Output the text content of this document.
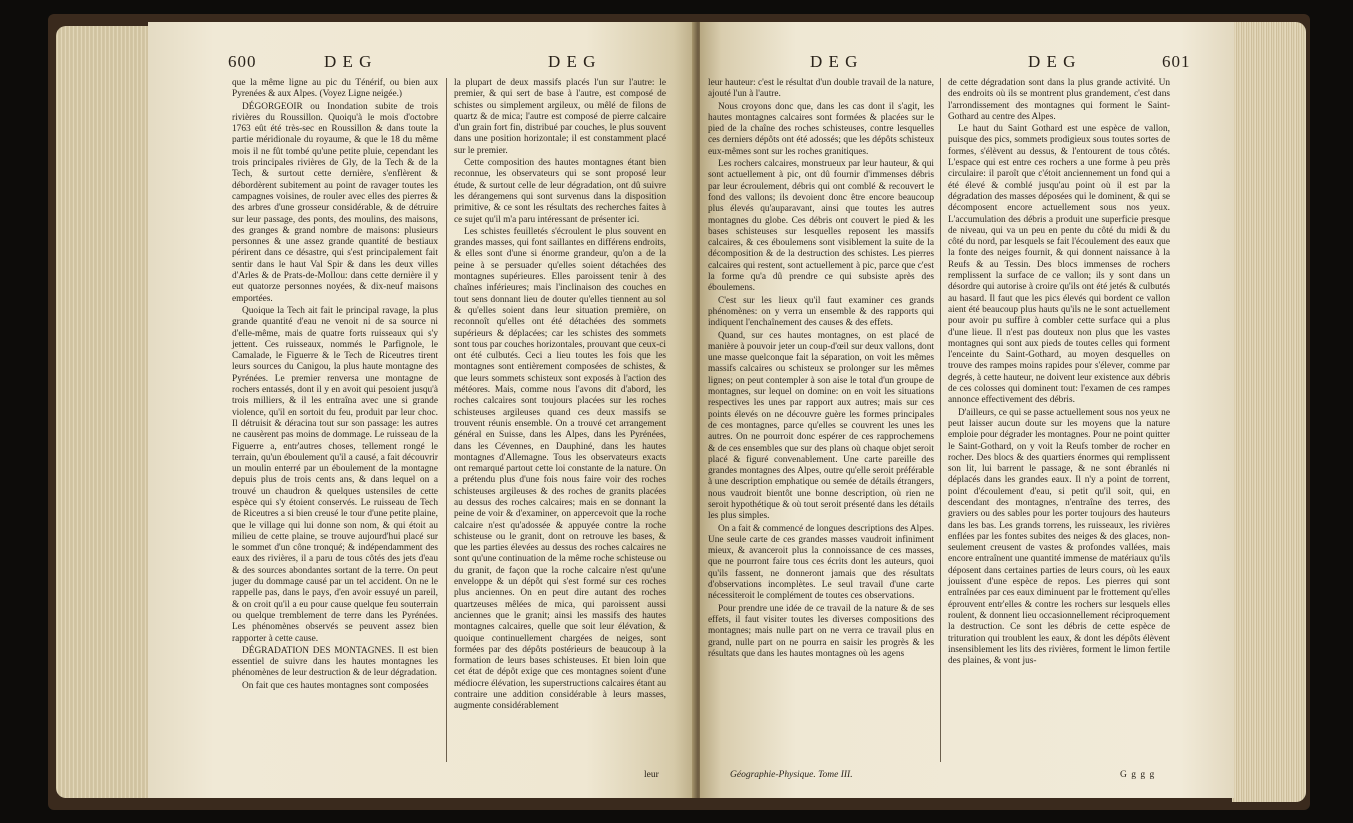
600	D E G	D E G

que la même ligne au pic du Ténérif, ou bien aux Pyrenées & aux Alpes. (Voyez Ligne neigée.)

DÉGORGEOIR ou Inondation subite de trois rivières du Roussillon. Quoiqu'à le mois d'octobre 1763 eût été très-sec en Roussillon & dans toute la partie méridionale du royaume, & que le 18 du même mois il ne fût tombé qu'une petite pluie, cependant les trois principales rivières de Gly, de la Tech & de la Tech, & surtout cette dernière, s'enflèrent & débordèrent subitement au point de ravager toutes les campagnes voisines, de rouler avec elles des pierres & des arbres d'une grosseur considérable, & de détruire sur leur passage, des ponts, des moulins, des maisons, des granges & grand nombre de maisons: plusieurs personnes & une assez grande quantité de bestiaux périrent dans ce désastre, qui s'est principalement fait sentir dans le haut Val Spir & dans les deux villes d'Arles & de Prats-de-Mollou: dans cette dernière il y eut quatorze personnes noyées, & dix-neuf maisons emportées.

Quoique la Tech ait fait le principal ravage, la plus grande quantité d'eau ne venoit ni de sa source ni d'elle-même, mais de quatre forts ruisseaux qui s'y jettent. Ces ruisseaux, nommés le Parfignole, le Camalade, le Figuerre & le Tech de Riceutres tirent leurs sources du Canigou, la plus haute montagne des Pyrénées. Le premier renversa une montagne de rochers entassés, dont il y en avoit qui pesoient jusqu'à trois milliers, & il les entraîna avec une si grande violence, qu'il en sortoit du feu, produit par leur choc. Il détruisit & déracina tout sur son passage: les autres ne causèrent pas moins de dommage. Le ruisseau de la Figuerre a, entr'autres choses, tellement rongé le terrain, qu'un éboulement qu'il a causé, a fait découvrir un moulin enterré par un éboulement de la montagne depuis plus de trois cents ans, & dans lequel on a trouvé un chaudron & quelques ustensiles de cette espèce qui s'y étoient conservés. Le ruisseau de Tech de Riceutres a si bien creusé le tour d'une petite plaine, que le village qui lui donne son nom, & qui étoit au milieu de cette plaine, se trouve aujourd'hui placé sur le sommet d'un cône tronqué; & indépendamment des eaux des rivières, il a paru de tous côtés des jets d'eau & des sources abondantes sortant de la terre. On peut juger du dommage causé par un tel accident. On ne le rappelle pas, dans le pays, d'en avoir essuyé un pareil, & on croit qu'il a eu pour cause quelque feu souterrain ou quelque tremblement de terre dans les Pyrénées. Les phénomènes observés se peuvent assez bien rapporter à cette cause.

DÉGRADATION DES MONTAGNES. Il est bien essentiel de suivre dans les hautes montagnes les phénomènes de leur destruction & de leur dégradation.

On fait que ces hautes montagnes sont composées

la plupart de deux massifs placés l'un sur l'autre: le premier, & qui sert de base à l'autre, est composé de schistes ou simplement argileux, ou mêlé de filons de quartz & de mica; l'autre est composé de pierre calcaire d'un grain fort fin, distribué par couches, le plus souvent dans une position horizontale; il est constamment placé sur le premier.

Cette composition des hautes montagnes étant bien reconnue, les observateurs qui se sont proposé leur étude, & surtout celle de leur dégradation, ont dû suivre les dérangemens qui sont survenus dans la disposition primitive, & ce sont les résultats des recherches faites à ce sujet qu'il m'a paru intéressant de présenter ici.

Les schistes feuilletés s'écroulent le plus souvent en grandes masses, qui font saillantes en différens endroits, & elles sont d'une si énorme grandeur, qu'on a de la peine à se persuader qu'elles soient détachées des montagnes supérieures. Elles paroissent tenir à des chaînes inférieures; mais l'inclinaison des couches en tout sens donnant lieu de douter qu'elles tiennent au sol & qu'elles soient dans leur situation première, on reconnoît qu'elles ont été détachées des sommets supérieurs & déplacées; car les schistes des sommets sont tous par couches horizontales, prouvant que ceux-ci ont été culbutés. Ceci a lieu toutes les fois que les montagnes sont entièrement composées de schistes, & que leurs sommets schisteux sont exposés à l'action des météores. Mais, comme nous l'avons dit d'abord, les roches calcaires sont toujours placées sur les roches schisteuses argileuses quand ces deux massifs se trouvent réunis ensemble. On a trouvé cet arrangement général en Suisse, dans les Alpes, dans les Pyrénées, dans les Cévennes, en Dauphiné, dans les hautes montagnes d'Allemagne. Tous les observateurs exacts ont remarqué partout cette loi constante de la nature. On a prétendu plus d'une fois nous faire voir des roches schisteuses argileuses & des roches de granits placées au dessus des roches calcaires; mais en se donnant la peine de voir & d'examiner, on appercevoit que la roche calcaire n'est qu'adossée & appuyée contre la roche schisteuse ou le granit, dont on retrouve les bases, & que les parties élevées au dessus des roches calcaires ne sont qu'une continuation de la même roche schisteuse ou du granit, de façon que la roche calcaire n'est qu'une enveloppe & un dépôt qui s'est formé sur ces roches plus anciennes. On en peut dire autant des roches quartzeuses mêlées de mica, qui paroissent aussi anciennes que le granit; ainsi les massifs des hautes montagnes calcaires, quelle que soit leur élévation, & quoique continuellement chargées de neiges, sont formées par des dépôts postérieurs de beaucoup à la formation de leurs bases schisteuses. Et bien loin que cet état de dépôt exige que ces montagnes soient d'une médiocre élévation, les superstructions calcaires étant au contraire une addition considérable à leurs masses, augmente considérablement

leur
D E G	D E G	601

leur hauteur: c'est le résultat d'un double travail de la nature, ajouté l'un à l'autre.

Nous croyons donc que, dans les cas dont il s'agit, les hautes montagnes calcaires sont formées & placées sur le pied de la chaîne des roches schisteuses, contre lesquelles ces derniers dépôts ont été adossés; que les dépôts schisteux eux-mêmes sont sur les roches granitiques.

Les rochers calcaires, monstrueux par leur hauteur, & qui sont actuellement à pic, ont dû fournir d'immenses débris par leur écroulement, débris qui ont comblé & recouvert le fond des vallons; ils devoient donc être encore beaucoup plus élevés qu'auparavant, ainsi que toutes les autres montagnes du globe. Ces débris ont couvert le pied & les bases schisteuses sur lesquelles reposent les massifs calcaires, & ces éboulemens sont visiblement la suite de la décomposition & de la destruction des schistes. Les pierres calcaires qui restent, sont actuellement à pic, parce que c'est la forme qu'a dû prendre ce qui subsiste après des éboulemens.

C'est sur les lieux qu'il faut examiner ces grands phénomènes: on y verra un ensemble & des rapports qui indiquent l'enchaînement des causes & des effets.

Quand, sur ces hautes montagnes, on est placé de manière à pouvoir jeter un coup-d'œil sur deux vallons, dont une masse quelconque fait la séparation, on voit les mêmes massifs calcaires ou schisteux se prolonger sur les mêmes lignes; on peut contempler à son aise le total d'un groupe de montagnes, sur lequel on domine: on en voit les situations respectives les unes par rapport aux autres; mais sur ces points élevés on ne découvre guère les formes principales de ces montagnes, parce qu'elles se couvrent les unes les autres. On ne pourroit donc espérer de ces rapprochemens & de ces ensembles que sur des plans où chaque objet seroit placé & figuré convenablement. Une carte pareille des grandes montagnes des Alpes, outre qu'elle seroit préférable à une description emphatique ou semée de détails étrangers, nous vaudroit bientôt une bonne description, où rien ne seroit hypothétique & où tout seroit présenté dans les détails les plus simples.

On a fait & commencé de longues descriptions des Alpes. Une seule carte de ces grandes masses vaudroit infiniment mieux, & avanceroit plus la connoissance de ces masses, que ne pourront faire tous ces écrits dont les auteurs, quoi qu'ils fassent, ne donneront jamais que des résultats d'observations incomplètes. Le seul travail d'une carte nécessiteroit le complément de toutes ces observations.

Pour prendre une idée de ce travail de la nature & de ses effets, il faut visiter toutes les diverses compositions des montagnes; mais nulle part on ne verra ce travail plus en grand, nulle part on ne pourra en saisir les progrès & les résultats que dans les hautes montagnes où les agens

de cette dégradation sont dans la plus grande activité. Un des endroits où ils se montrent plus grandement, c'est dans l'arrondissement des montagnes qui forment le Saint-Gothard au centre des Alpes.

Le haut du Saint Gothard est une espèce de vallon, puisque des pics, sommets prodigieux sous toutes sortes de formes, s'élèvent au dessus, & l'entourent de tous côtés. L'espace qui est entre ces rochers a une forme à peu près circulaire: il paroît que c'étoit anciennement un fond qui a été élevé & comblé jusqu'au point où il est par la dégradation des masses déposées qui le dominent, & qui se décomposent encore actuellement sous nos yeux. L'accumulation des débris a produit une superficie presque de niveau, qui va un peu en pente du côté du midi & du côté du nord, par lesquels se fait l'écoulement des eaux que la fonte des neiges fournit, & qui donnent naissance à la Reufs & au Tessin. Des blocs immenses de rochers remplissent la surface de ce vallon; ils y sont dans un désordre qui autorise à croire qu'ils ont été jetés & culbutés au hasard. Il faut que les pics élevés qui bordent ce vallon aient été beaucoup plus hauts qu'ils ne le sont actuellement pour avoir pu suffire à combler cette surface qui a plus d'une lieue. Il n'est pas douteux non plus que les vastes montagnes qui sont aux pieds de toutes celles qui forment l'enceinte du Saint-Gothard, au moyen desquelles on trouve des rampes moins rapides pour s'élever, comme par degrés, à cette hauteur, ne doivent leur existence aux débris de ces colosses qui dominent tout: l'examen de ces rampes annonce effectivement des débris.

D'ailleurs, ce qui se passe actuellement sous nos yeux ne peut laisser aucun doute sur les moyens que la nature emploie pour dégrader les montagnes. Pour ne point quitter le Saint-Gothard, on y voit la Reufs tomber de rocher en rocher. Des blocs & des quartiers énormes qui remplissent son lit, lui barrent le passage, & ne sont ébranlés ni déplacés dans les grandes eaux. Il n'y a point de torrent, point d'écoulement d'eau, si petit qu'il soit, qui, en descendant des montagnes, n'entraîne des terres, des graviers ou des sables pour les porter toujours des hauteurs dans les bas. Les grands torrens, les ruisseaux, les rivières enflées par les fontes subites des neiges & des glaces, non-seulement creusent de vastes & profondes vallées, mais encore entraînent une quantité immense de matériaux qu'ils déposent dans certaines parties de leurs cours, où les eaux jouissent d'une espèce de repos. Les pierres qui sont entraînées par ces eaux diminuent par le frottement qu'elles éprouvent entr'elles & contre les rochers sur lesquels elles roulent, & donnent lieu occasionnellement réciproquement la destruction. Ce sont les débris de cette espèce de trituration qui troublent les eaux, & dont les dépôts élèvent insensiblement les lits des rivières, forment le limon fertile des plaines, & vont jus-

Géographie-Physique. Tome III.	G g g g
